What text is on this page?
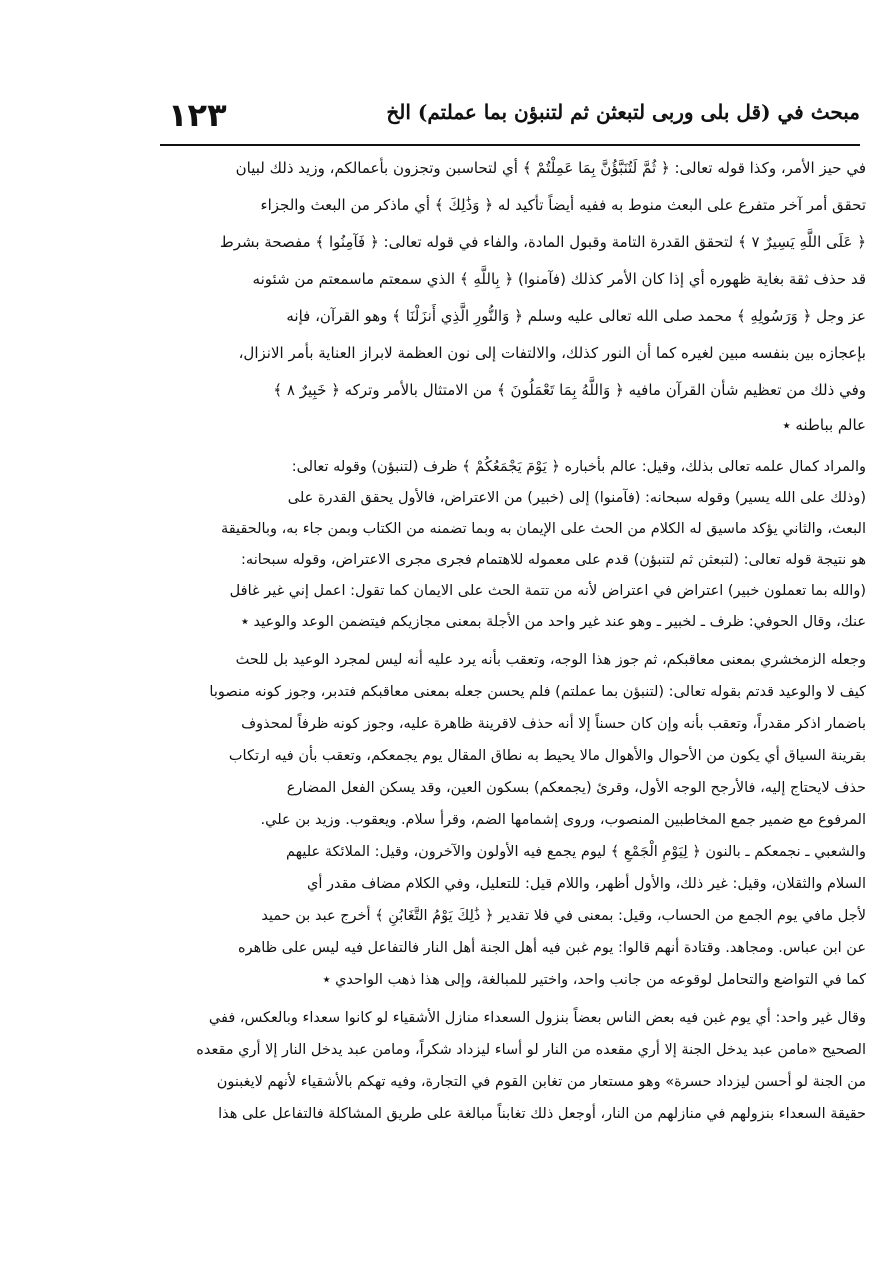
مبحث في (قل بلى وربى لتبعثن ثم لتنبؤن بما عملتم) الخ
١٢٣
في حيز الأمر، وكذا قوله تعالى: ﴿ ثُمَّ لَتُنَبَّؤُنَّ بِمَا عَمِلْتُمْ ﴾ أي لتحاسبن وتجزون بأعمالكم، وزيد ذلك لبيان
تحقق أمر آخر متفرع على البعث منوط به ففيه أيضاً تأكيد له ﴿ وَذَٰلِكَ ﴾ أي ماذكر من البعث والجزاء
﴿ عَلَى اللَّهِ يَسِيرٌ ٧ ﴾ لتحقق القدرة التامة وقبول المادة، والفاء في قوله تعالى: ﴿ فَآمِنُوا ﴾ مفصحة بشرط
قد حذف ثقة بغاية ظهوره أي إذا كان الأمر كذلك (فآمنوا) ﴿ بِاللَّهِ ﴾ الذي سمعتم ماسمعتم من شئونه
عز وجل ﴿ وَرَسُولِهِ ﴾ محمد صلى الله تعالى عليه وسلم ﴿ وَالنُّورِ الَّذِي أَنزَلْنَا ﴾ وهو القرآن، فإنه
بإعجازه بين بنفسه مبين لغيره كما أن النور كذلك، والالتفات إلى نون العظمة لابراز العناية بأمر الانزال،
وفي ذلك من تعظيم شأن القرآن مافيه ﴿ وَاللَّهُ بِمَا تَعْمَلُونَ ﴾ من الامتثال بالأمر وتركه ﴿ خَبِيرٌ ٨ ﴾
عالم بباطنه ٭
والمراد كمال علمه تعالى بذلك، وقيل: عالم بأخباره ﴿ يَوْمَ يَجْمَعُكُمْ ﴾ ظرف (لتنبؤن) وقوله تعالى:
(وذلك على الله يسير) وقوله سبحانه: (فآمنوا) إلى (خبير) من الاعتراض، فالأول يحقق القدرة على
البعث، والثاني يؤكد ماسيق له الكلام من الحث على الإيمان به وبما تضمنه من الكتاب وبمن جاء به، وبالحقيقة
هو نتيجة قوله تعالى: (لتبعثن ثم لتنبؤن) قدم على معموله للاهتمام فجرى مجرى الاعتراض، وقوله سبحانه:
(والله بما تعملون خبير) اعتراض في اعتراض لأنه من تتمة الحث على الايمان كما تقول: اعمل إني غير غافل
عنك، وقال الحوفي: ظرف ـ لخبير ـ وهو عند غير واحد من الأجلة بمعنى مجازيكم فيتضمن الوعد والوعيد ٭
وجعله الزمخشري بمعنى معاقبكم، ثم جوز هذا الوجه، وتعقب بأنه يرد عليه أنه ليس لمجرد الوعيد بل للحث
كيف لا والوعيد قدتم بقوله تعالى: (لتنبؤن بما عملتم) فلم يحسن جعله بمعنى معاقبكم فتدبر، وجوز كونه منصوبا
باضمار اذكر مقدراً، وتعقب بأنه وإن كان حسناً إلا أنه حذف لاقرينة ظاهرة عليه، وجوز كونه ظرفاً لمحذوف
بقرينة السياق أي يكون من الأحوال والأهوال مالا يحيط به نطاق المقال يوم يجمعكم، وتعقب بأن فيه ارتكاب
حذف لايحتاج إليه، فالأرجح الوجه الأول، وقرئ (يجمعكم) بسكون العين، وقد يسكن الفعل المضارع
المرفوع مع ضمير جمع المخاطبين المنصوب، وروى إشمامها الضم، وقرأ سلام. ويعقوب. وزيد بن علي.
والشعبي ـ نجمعكم ـ بالنون ﴿ لِيَوْمِ الْجَمْعِ ﴾ ليوم يجمع فيه الأولون والآخرون، وقيل: الملائكة عليهم
السلام والثقلان، وقيل: غير ذلك، والأول أظهر، واللام قيل: للتعليل، وفي الكلام مضاف مقدر أي
لأجل مافي يوم الجمع من الحساب، وقيل: بمعنى في فلا تقدير ﴿ ذَٰلِكَ يَوْمُ التَّغَابُنِ ﴾ أخرج عبد بن حميد
عن ابن عباس. ومجاهد. وقتادة أنهم قالوا: يوم غبن فيه أهل الجنة أهل النار فالتفاعل فيه ليس على ظاهره
كما في التواضع والتحامل لوقوعه من جانب واحد، واختير للمبالغة، وإلى هذا ذهب الواحدي ٭
وقال غير واحد: أي يوم غبن فيه بعض الناس بعضاً بنزول السعداء منازل الأشقياء لو كانوا سعداء وبالعكس، ففي
الصحيح «مامن عبد يدخل الجنة إلا أري مقعده من النار لو أساء ليزداد شكراً، ومامن عبد يدخل النار إلا أري مقعده
من الجنة لو أحسن ليزداد حسرة» وهو مستعار من تغابن القوم في التجارة، وفيه تهكم بالأشقياء لأنهم لايغبنون
حقيقة السعداء بنزولهم في منازلهم من النار، أوجعل ذلك تغابناً مبالغة على طريق المشاكلة فالتفاعل على هذا
